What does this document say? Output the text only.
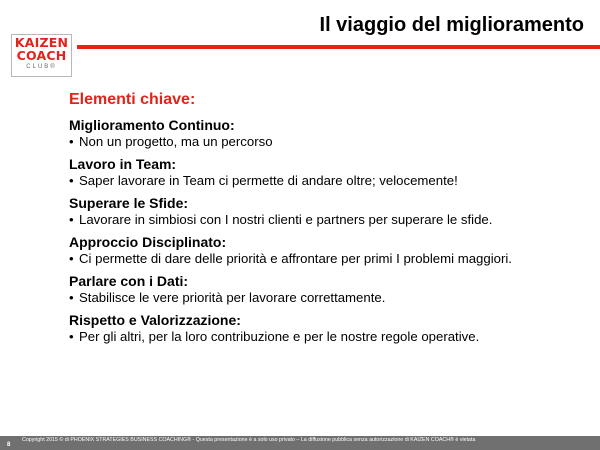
KAIZEN
COACH
CLUB®
Il viaggio del miglioramento
Elementi chiave:
Miglioramento Continuo:
• Non un progetto, ma un percorso
Lavoro in Team:
• Saper lavorare in Team ci permette di andare oltre; velocemente!
Superare le Sfide:
• Lavorare in simbiosi con I nostri clienti e partners per superare le sfide.
Approccio Disciplinato:
• Ci permette di dare delle priorità e affrontare per primi I problemi maggiori.
Parlare con i Dati:
• Stabilisce le vere priorità per lavorare correttamente.
Rispetto e Valorizzazione:
• Per gli altri, per la loro contribuzione e per le nostre regole operative.
Copyright 2015 © di PHOENIX STRATEGIES BUSINESS COACHING® - Questa presentazione è a solo uso privato – La diffusione pubblica senza autorizzazione di KAIZEN COACH® è vietata
8
